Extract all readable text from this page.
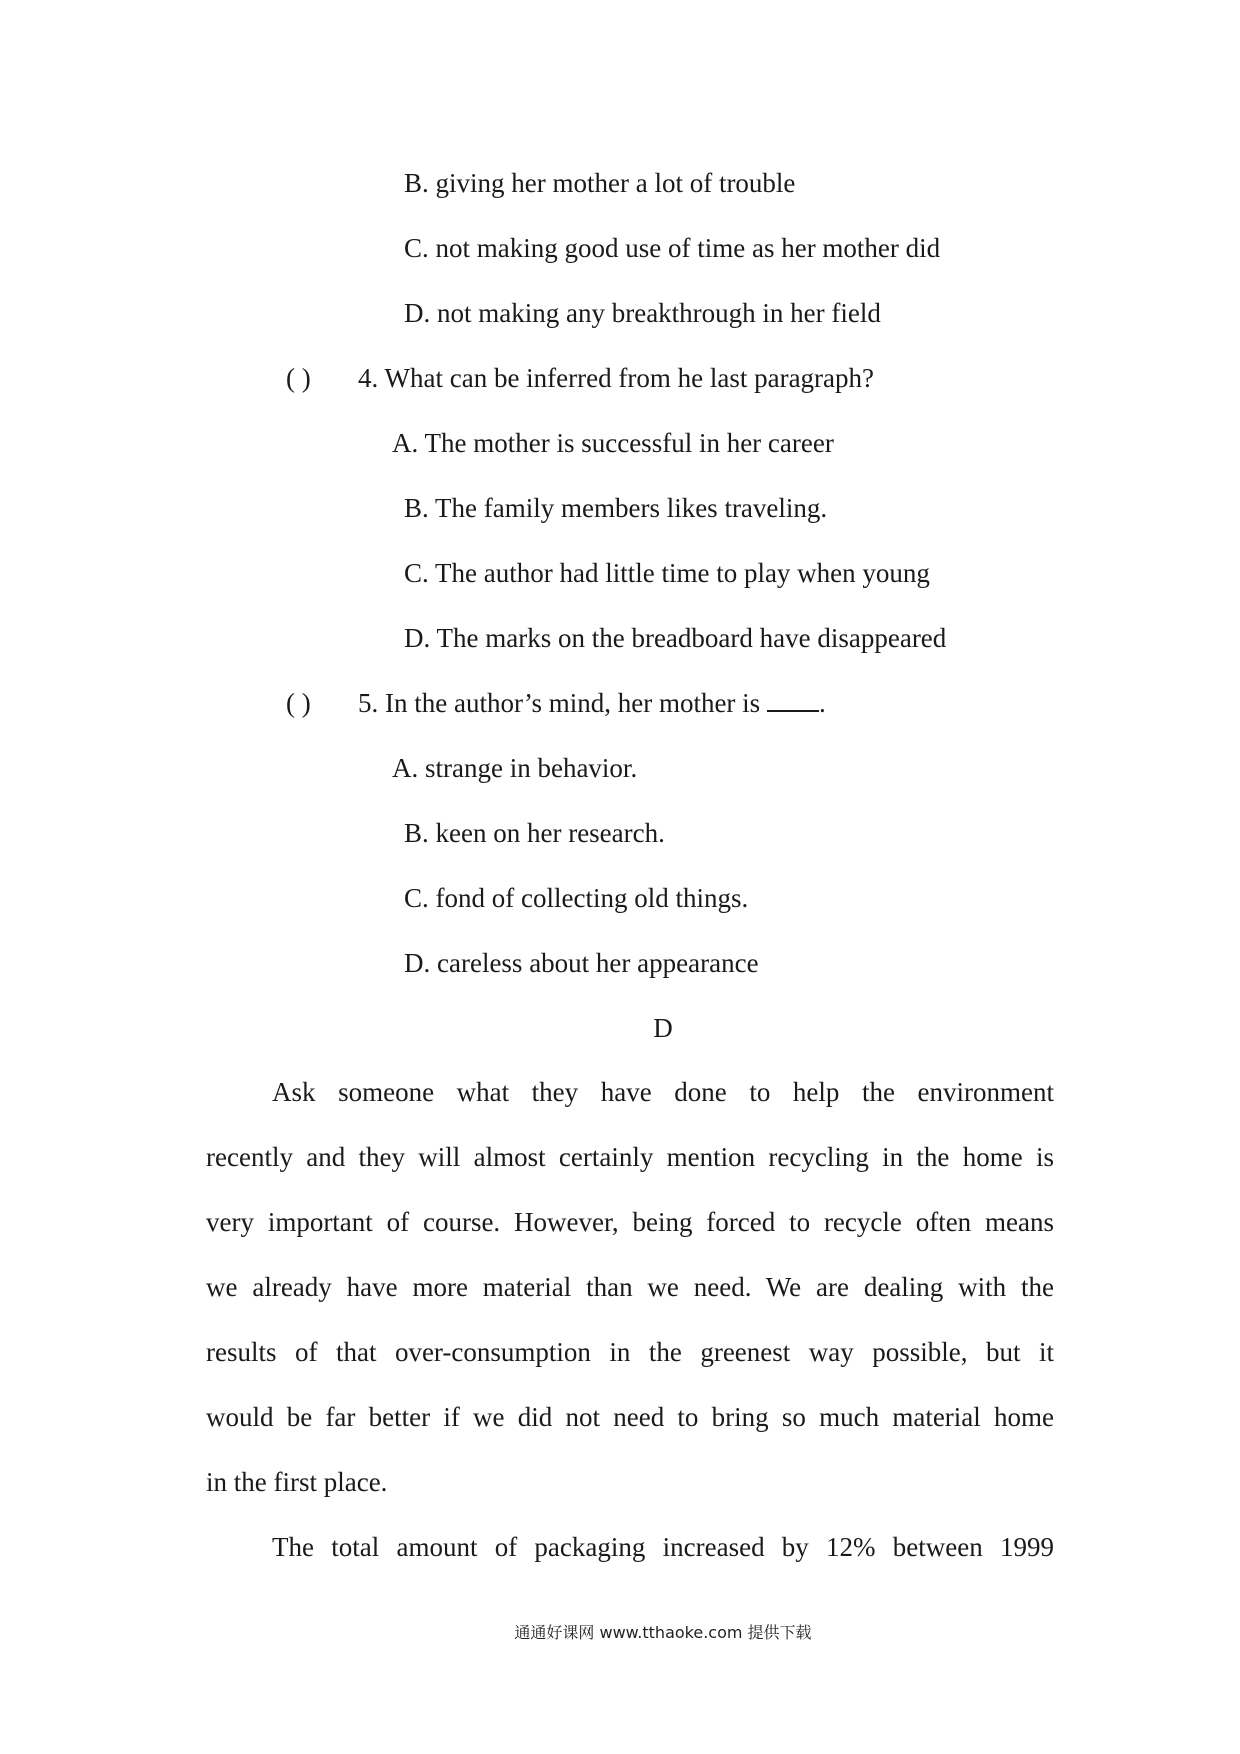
B. giving her mother a lot of trouble
C. not making good use of time as her mother did
D. not making any breakthrough in her field
( ) 4. What can be inferred from he last paragraph?
A. The mother is successful in her career
B. The family members likes traveling.
C. The author had little time to play when young
D. The marks on the breadboard have disappeared
( ) 5. In the author’s mind, her mother is .
A. strange in behavior.
B. keen on her research.
C. fond of collecting old things.
D. careless about her appearance
D
Ask someone what they have done to help the environment
recently and they will almost certainly mention recycling in the home is
very important of course. However, being forced to recycle often means
we already have more material than we need. We are dealing with the
results of that over-consumption in the greenest way possible, but it
would be far better if we did not need to bring so much material home
in the first place.
The total amount of packaging increased by 12% between 1999
通通好课网 www.tthaoke.com 提供下载
